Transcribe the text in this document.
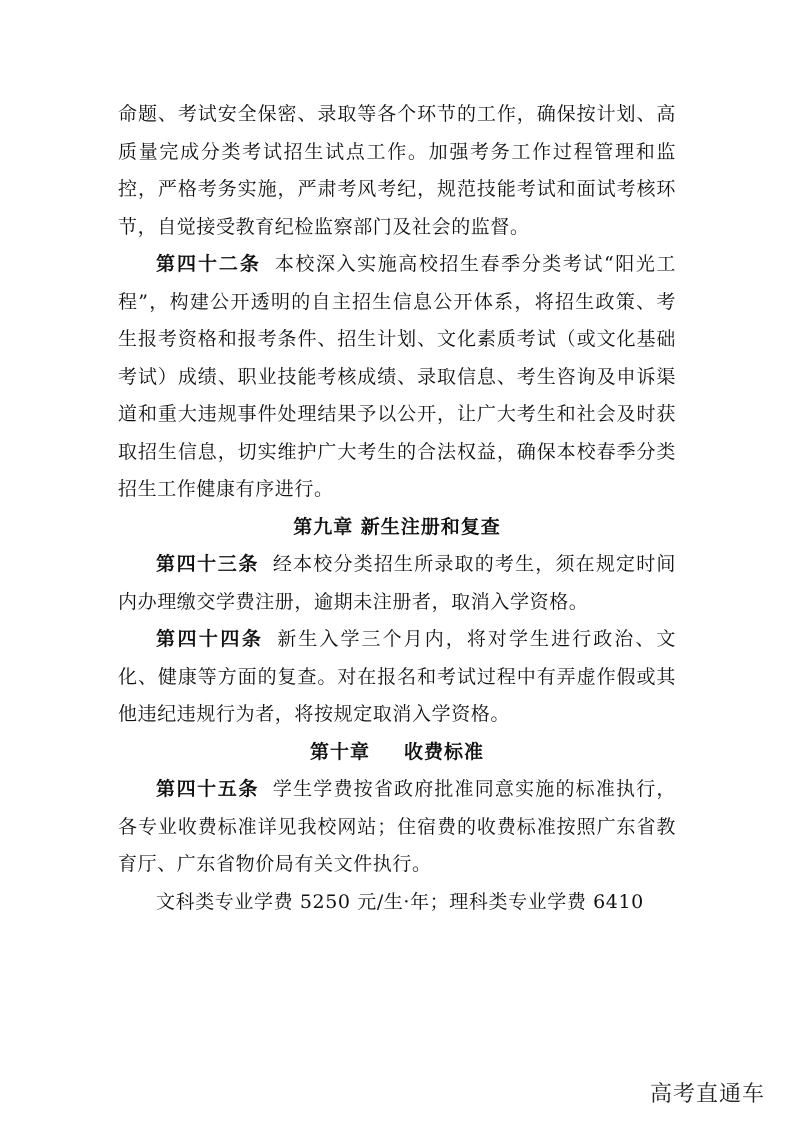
命题、考试安全保密、录取等各个环节的工作，确保按计划、高质量完成分类考试招生试点工作。加强考务工作过程管理和监控，严格考务实施，严肃考风考纪，规范技能考试和面试考核环节，自觉接受教育纪检监察部门及社会的监督。

第四十二条 本校深入实施高校招生春季分类考试“阳光工程”，构建公开透明的自主招生信息公开体系，将招生政策、考生报考资格和报考条件、招生计划、文化素质考试（或文化基础考试）成绩、职业技能考核成绩、录取信息、考生咨询及申诉渠道和重大违规事件处理结果予以公开，让广大考生和社会及时获取招生信息，切实维护广大考生的合法权益，确保本校春季分类招生工作健康有序进行。

第九章 新生注册和复查

第四十三条 经本校分类招生所录取的考生，须在规定时间内办理缴交学费注册，逾期未注册者，取消入学资格。

第四十四条 新生入学三个月内，将对学生进行政治、文化、健康等方面的复查。对在报名和考试过程中有弄虚作假或其他违纪违规行为者，将按规定取消入学资格。

第十章 收费标准

第四十五条 学生学费按省政府批准同意实施的标准执行，各专业收费标准详见我校网站；住宿费的收费标准按照广东省教育厅、广东省物价局有关文件执行。

文科类专业学费 5250 元/生·年；理科类专业学费 6410

高考直通车
